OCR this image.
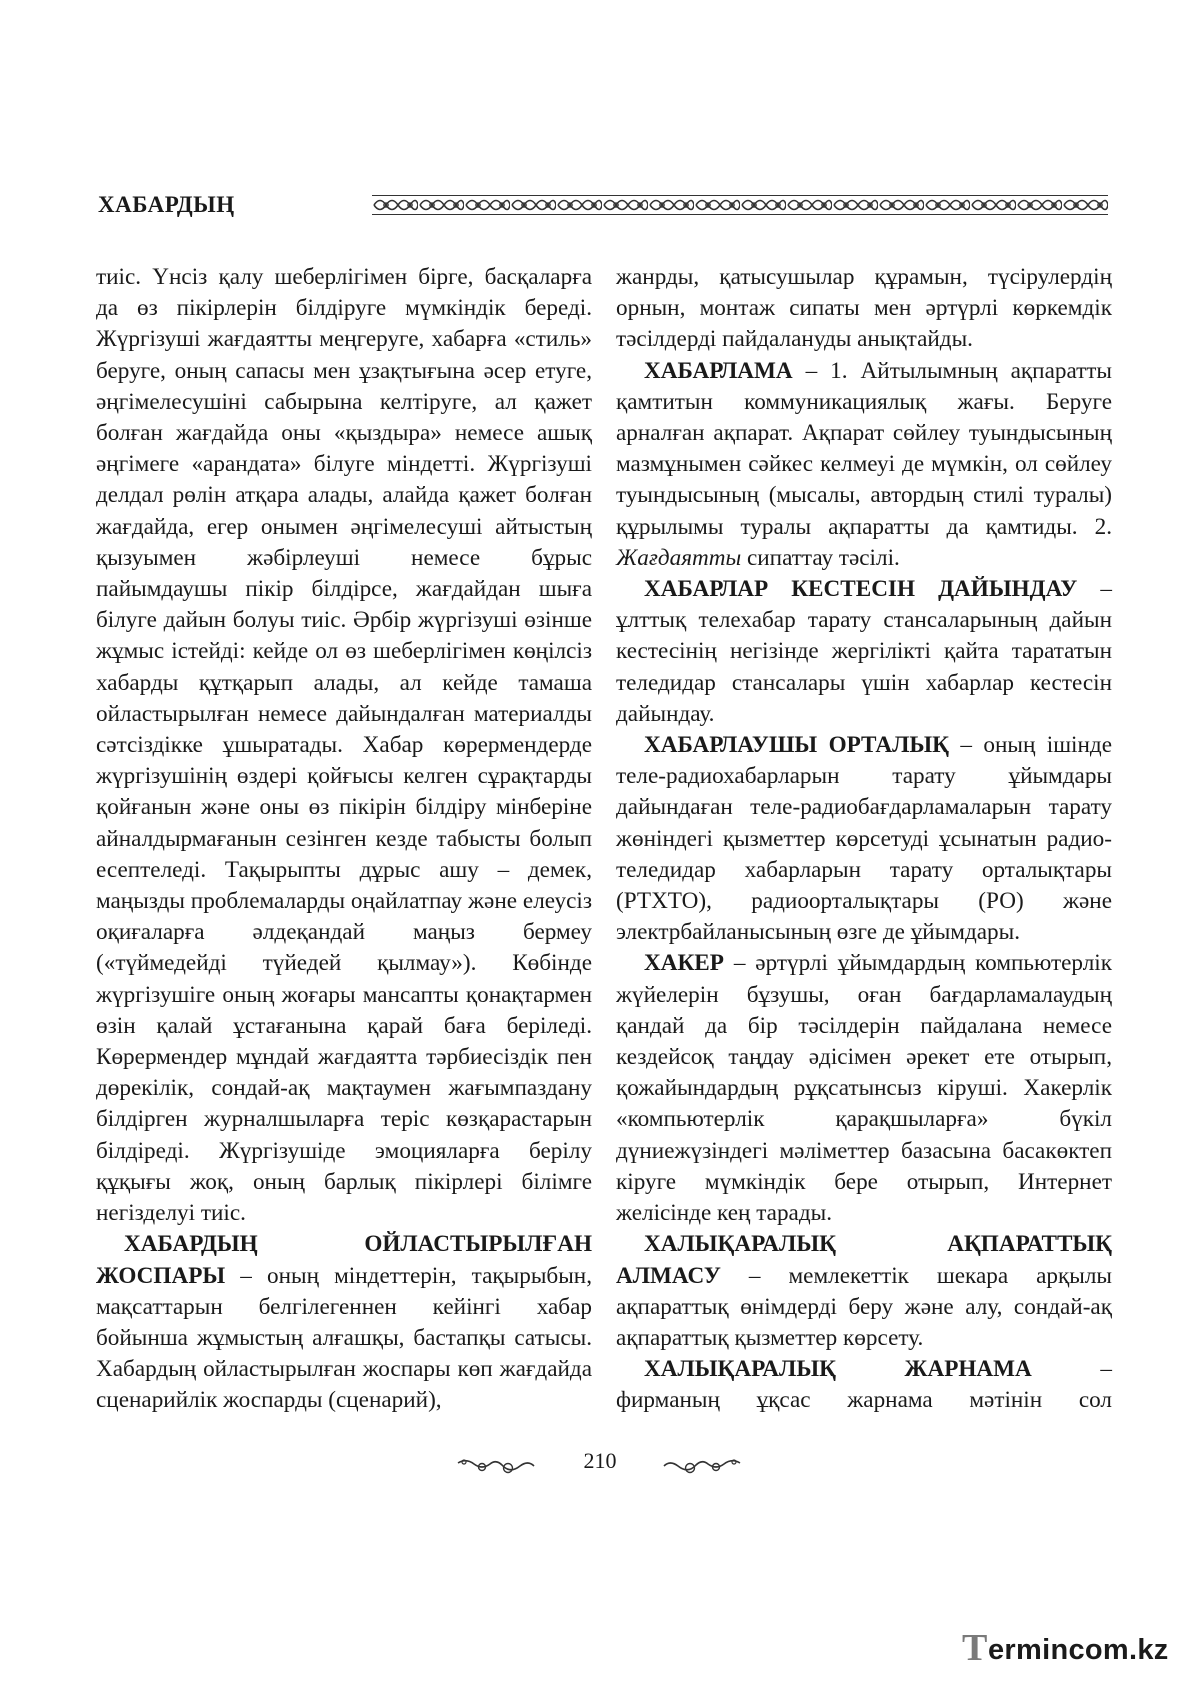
ХАБАРДЫҢ

тиіс. Үнсіз қалу шеберлігімен бірге, басқаларға да өз пікірлерін білдіруге мүмкіндік береді. Жүргізуші жағдаятты меңгеруге, хабарға «стиль» беруге, оның сапасы мен ұзақтығына әсер етуге, әңгімелесушіні сабырына келтіруге, ал қажет болған жағдайда оны «қыздыра» немесе ашық әңгімеге «арандата» білуге міндетті. Жүргізуші делдал рөлін атқара алады, алайда қажет болған жағдайда, егер онымен әңгімелесуші айтыстың қызуымен жәбірлеуші немесе бұрыс пайымдаушы пікір білдірсе, жағдайдан шыға білуге дайын болуы тиіс. Әрбір жүргізуші өзінше жұмыс істейді: кейде ол өз шеберлігімен көңілсіз хабарды құтқарып алады, ал кейде тамаша ойластырылған немесе дайындалған материалды сәтсіздікке ұшыратады. Хабар көрермендерде жүргізушінің өздері қойғысы келген сұрақтарды қойғанын және оны өз пікірін білдіру мінберіне айналдырмағанын сезінген кезде табысты болып есептеледі. Тақырыпты дұрыс ашу – демек, маңызды проблемаларды оңайлатпау және елеусіз оқиғаларға әлдеқандай маңыз бермеу («түймедейді түйедей қылмау»). Көбінде жүргізушіге оның жоғары мансапты қонақтармен өзін қалай ұстағанына қарай баға беріледі. Көрермендер мұндай жағдаятта тәрбиесіздік пен дөрекілік, сондай-ақ мақтаумен жағымпаздану білдірген журналшыларға теріс көзқарастарын білдіреді. Жүргізушіде эмоцияларға берілу құқығы жоқ, оның барлық пікірлері білімге негізделуі тиіс.

ХАБАРДЫҢ ОЙЛАСТЫРЫЛҒАН

ЖОСПАРЫ – оның міндеттерін, тақырыбын, мақсаттарын белгілегеннен кейінгі хабар бойынша жұмыстың алғашқы, бастапқы сатысы. Хабардың ойластырылған жоспары көп жағдайда сценарийлік жоспарды (сценарий),

жанрды, қатысушылар құрамын, түсірулердің орнын, монтаж сипаты мен әртүрлі көркемдік тәсілдерді пайдалануды анықтайды.

ХАБАРЛАМА – 1. Айтылымның ақпаратты қамтитын коммуникациялық жағы. Беруге арналған ақпарат. Ақпарат сөйлеу туындысының мазмұнымен сәйкес келмеуі де мүмкін, ол сөйлеу туындысының (мысалы, автордың стилі туралы) құрылымы туралы ақпаратты да қамтиды. 2. Жағдаятты сипаттау тәсілі.

ХАБАРЛАР КЕСТЕСІН ДАЙЫНДАУ – ұлттық телехабар тарату стансаларының дайын кестесінің негізінде жергілікті қайта тарататын теледидар стансалары үшін хабарлар кестесін дайындау.

ХАБАРЛАУШЫ ОРТАЛЫҚ – оның ішінде теле-радиохабарларын тарату ұйымдары дайындаған теле-радиобағдарламаларын тарату жөніндегі қызметтер көрсетуді ұсынатын радио-теледидар хабарларын тарату орталықтары (РТХТО), радиоорталықтары (РО) және электрбайланысының өзге де ұйымдары.

ХАКЕР – әртүрлі ұйымдардың компьютерлік жүйелерін бұзушы, оған бағдарламалаудың қандай да бір тәсілдерін пайдалана немесе кездейсоқ таңдау әдісімен әрекет ете отырып, қожайындардың рұқсатынсыз кіруші. Хакерлік «компьютерлік қарақшыларға» бүкіл дүниежүзіндегі мәліметтер базасына басакөктеп кіруге мүмкіндік бере отырып, Интернет желісінде кең тарады.

ХАЛЫҚАРАЛЫҚ АҚПАРАТТЫҚ

АЛМАСУ – мемлекеттік шекара арқылы ақпараттық өнімдерді беру және алу, сондай-ақ ақпараттық қызметтер көрсету.

ХАЛЫҚАРАЛЫҚ ЖАРНАМА –

фирманың ұқсас жарнама мәтінін сол

210
T ermincom.kz
